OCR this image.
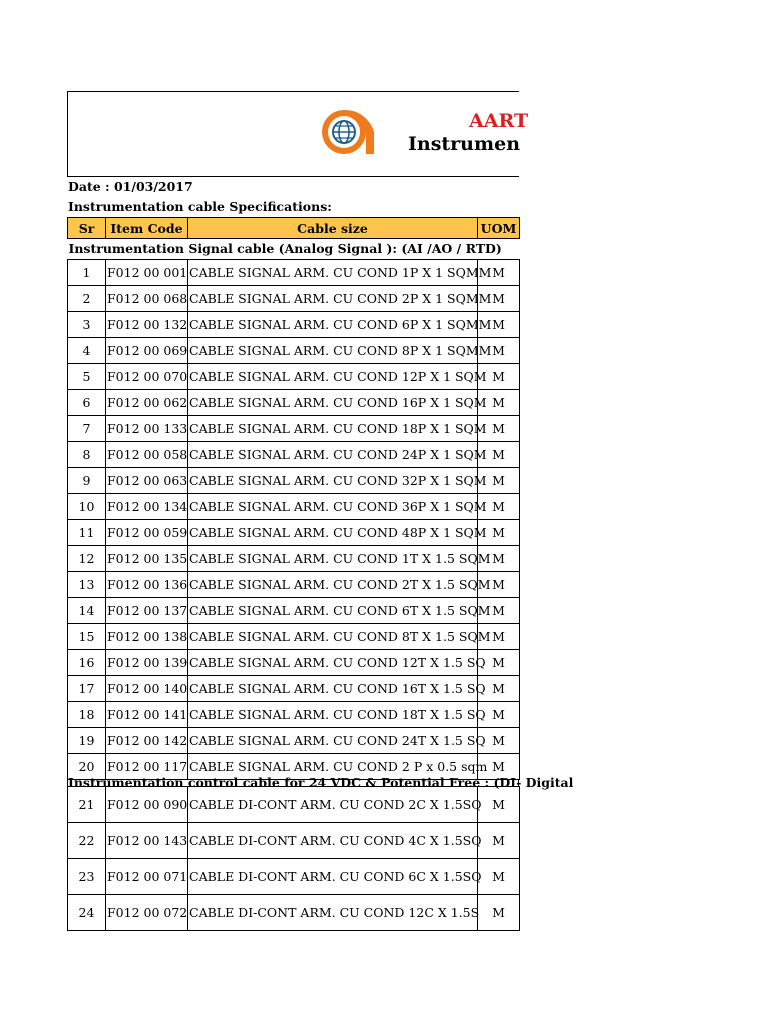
AART
Instrumen
Date : 01/03/2017
Instrumentation cable Specifications:
Sr	Item Code	Cable size	UOM

Instrumentation Signal cable (Analog Signal ): (AI /AO / RTD)			

1	F012 00 001	CABLE SIGNAL ARM. CU COND 1P X 1 SQMM	M
2	F012 00 068	CABLE SIGNAL ARM. CU COND 2P X 1 SQMM	M
3	F012 00 132	CABLE SIGNAL ARM. CU COND 6P X 1 SQMM	M
4	F012 00 069	CABLE SIGNAL ARM. CU COND 8P X 1 SQMM	M
5	F012 00 070	CABLE SIGNAL ARM. CU COND 12P X 1 SQM	M
6	F012 00 062	CABLE SIGNAL ARM. CU COND 16P X 1 SQM	M
7	F012 00 133	CABLE SIGNAL ARM. CU COND 18P X 1 SQM	M
8	F012 00 058	CABLE SIGNAL ARM. CU COND 24P X 1 SQM	M
9	F012 00 063	CABLE SIGNAL ARM. CU COND 32P X 1 SQM	M
10	F012 00 134	CABLE SIGNAL ARM. CU COND 36P X 1 SQM	M
11	F012 00 059	CABLE SIGNAL ARM. CU COND 48P X 1 SQM	M
12	F012 00 135	CABLE SIGNAL ARM. CU COND 1T X 1.5 SQM	M
13	F012 00 136	CABLE SIGNAL ARM. CU COND 2T X 1.5 SQM	M
14	F012 00 137	CABLE SIGNAL ARM. CU COND 6T X 1.5 SQM	M
15	F012 00 138	CABLE SIGNAL ARM. CU COND 8T X 1.5 SQM	M
16	F012 00 139	CABLE SIGNAL ARM. CU COND 12T X 1.5 SQ	M
17	F012 00 140	CABLE SIGNAL ARM. CU COND 16T X 1.5 SQ	M
18	F012 00 141	CABLE SIGNAL ARM. CU COND 18T X 1.5 SQ	M
19	F012 00 142	CABLE SIGNAL ARM. CU COND 24T X 1.5 SQ	M
20	F012 00 117	CABLE SIGNAL ARM. CU COND 2 P x 0.5 sqm	M
Instrumentation control cable for 24 VDC & Potential Free : (DI- Digital
21	F012 00 090	CABLE DI-CONT ARM. CU COND 2C X 1.5SQ	M
22	F012 00 143	CABLE DI-CONT ARM. CU COND 4C X 1.5SQ	M
23	F012 00 071	CABLE DI-CONT ARM. CU COND 6C X 1.5SQ	M
24	F012 00 072	CABLE DI-CONT ARM. CU COND 12C X 1.5S	M
